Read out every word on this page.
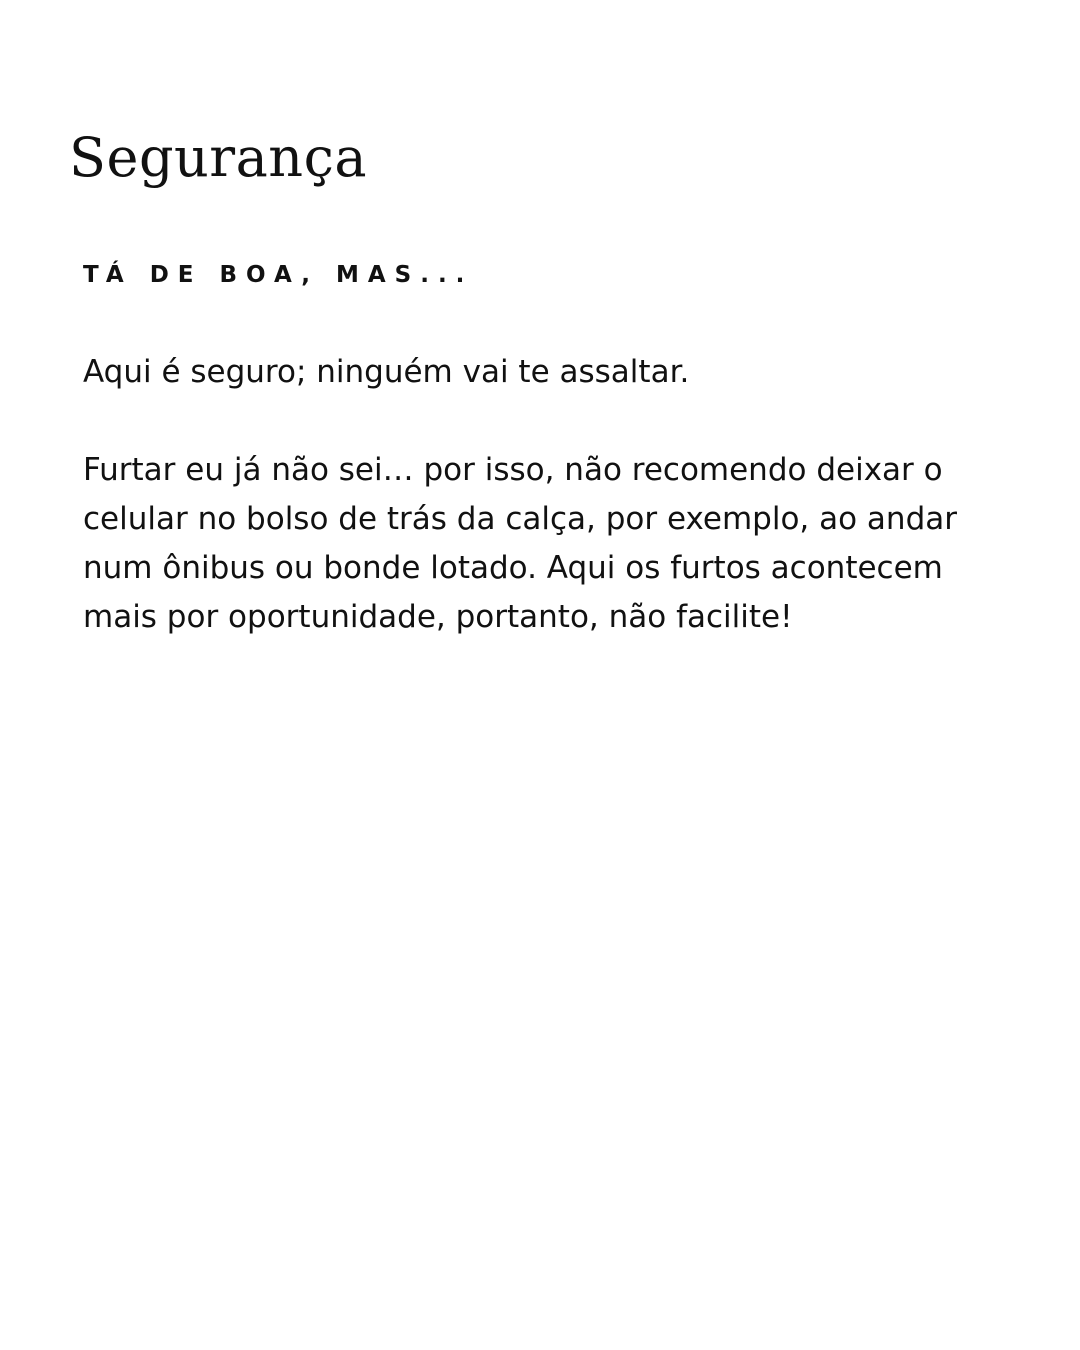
Segurança
TÁ DE BOA, MAS...

Aqui é seguro; ninguém vai te assaltar.

Furtar eu já não sei… por isso, não recomendo deixar o celular no bolso de trás da calça, por exemplo, ao andar num ônibus ou bonde lotado. Aqui os furtos acontecem mais por oportunidade, portanto, não facilite!
